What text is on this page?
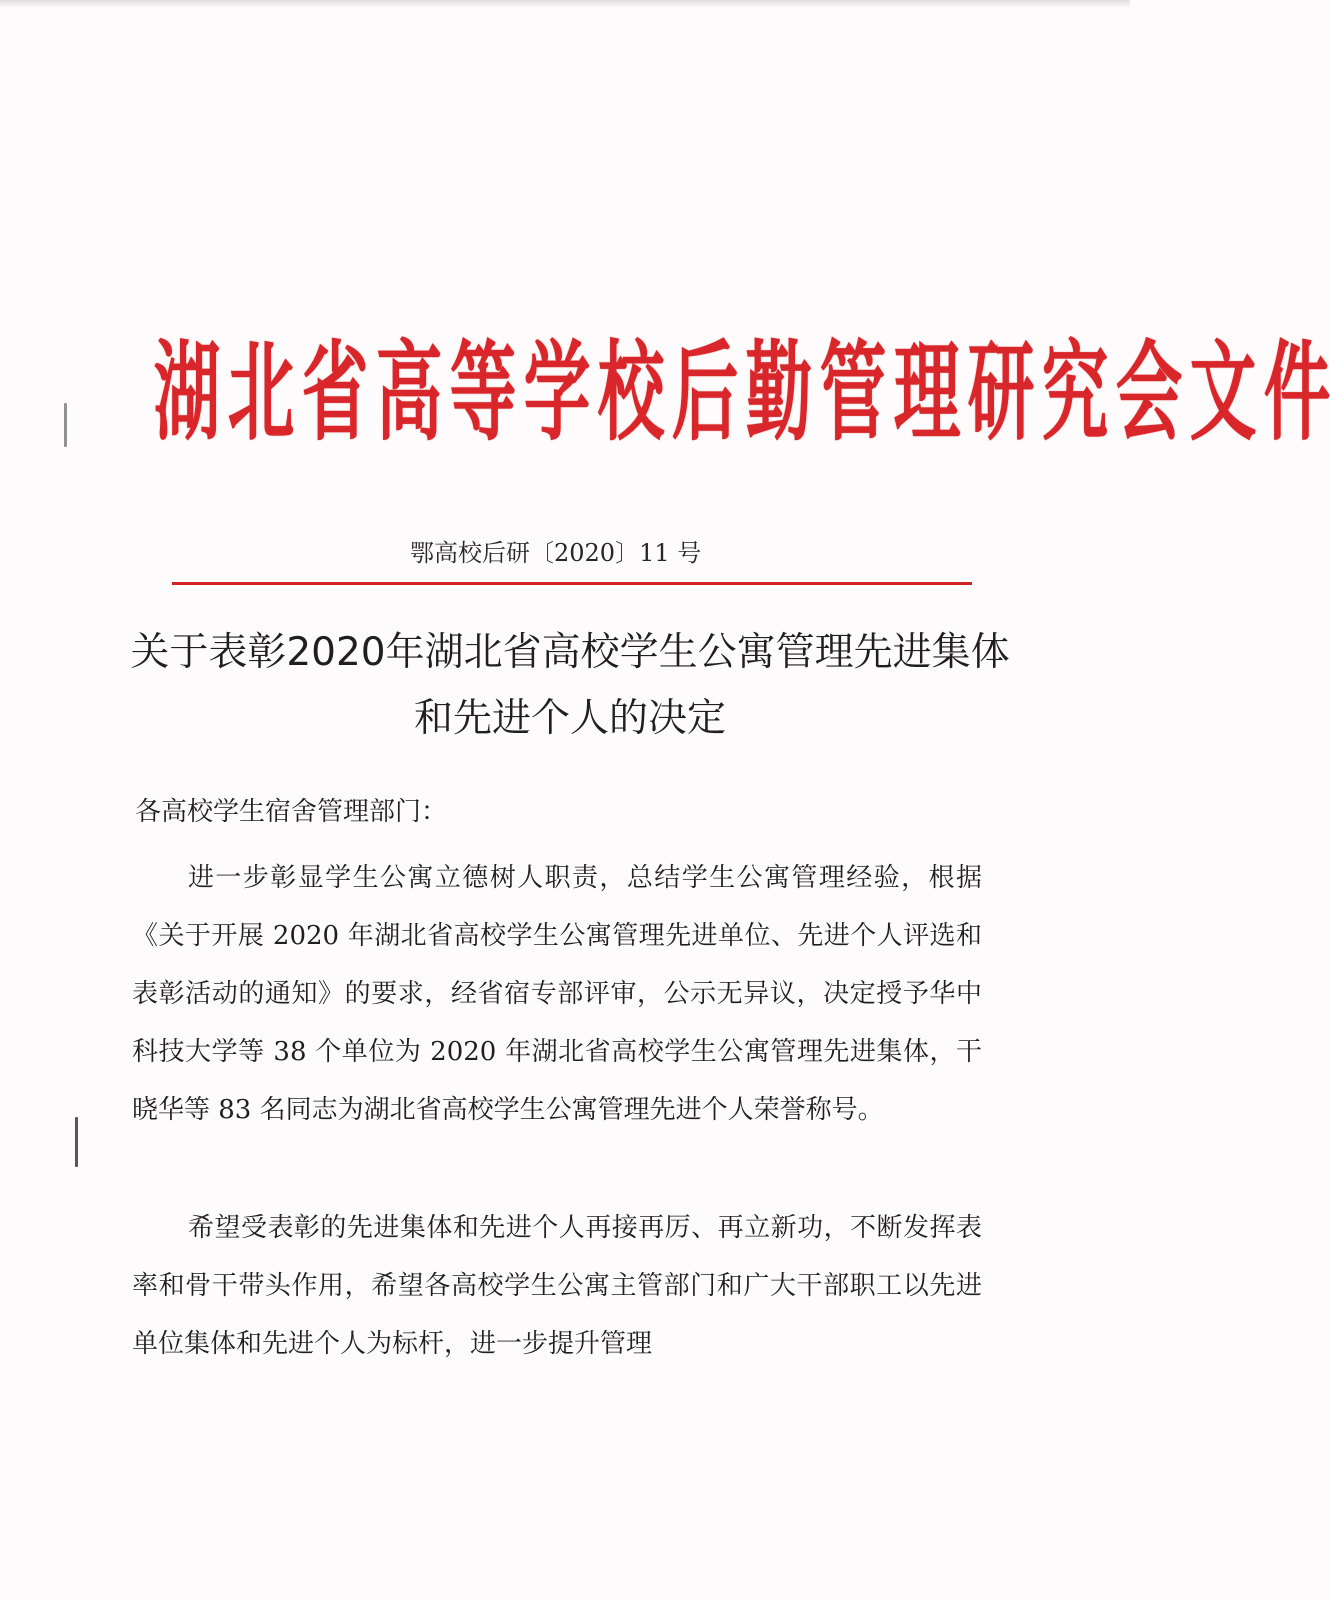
湖 北 省 高 等 学 校 后 勤 管 理 研 究 会 文 件
鄂高校后研〔2020〕11 号
关于表彰2020年湖北省高校学生公寓管理先进集体和先进个人的决定
各高校学生宿舍管理部门：
进一步彰显学生公寓立德树人职责，总结学生公寓管理经验，根据《关于开展 2020 年湖北省高校学生公寓管理先进单位、先进个人评选和表彰活动的通知》的要求，经省宿专部评审，公示无异议，决定授予华中科技大学等 38 个单位为 2020 年湖北省高校学生公寓管理先进集体，干晓华等 83 名同志为湖北省高校学生公寓管理先进个人荣誉称号。
希望受表彰的先进集体和先进个人再接再厉、再立新功，不断发挥表率和骨干带头作用，希望各高校学生公寓主管部门和广大干部职工以先进单位集体和先进个人为标杆，进一步提升管理
